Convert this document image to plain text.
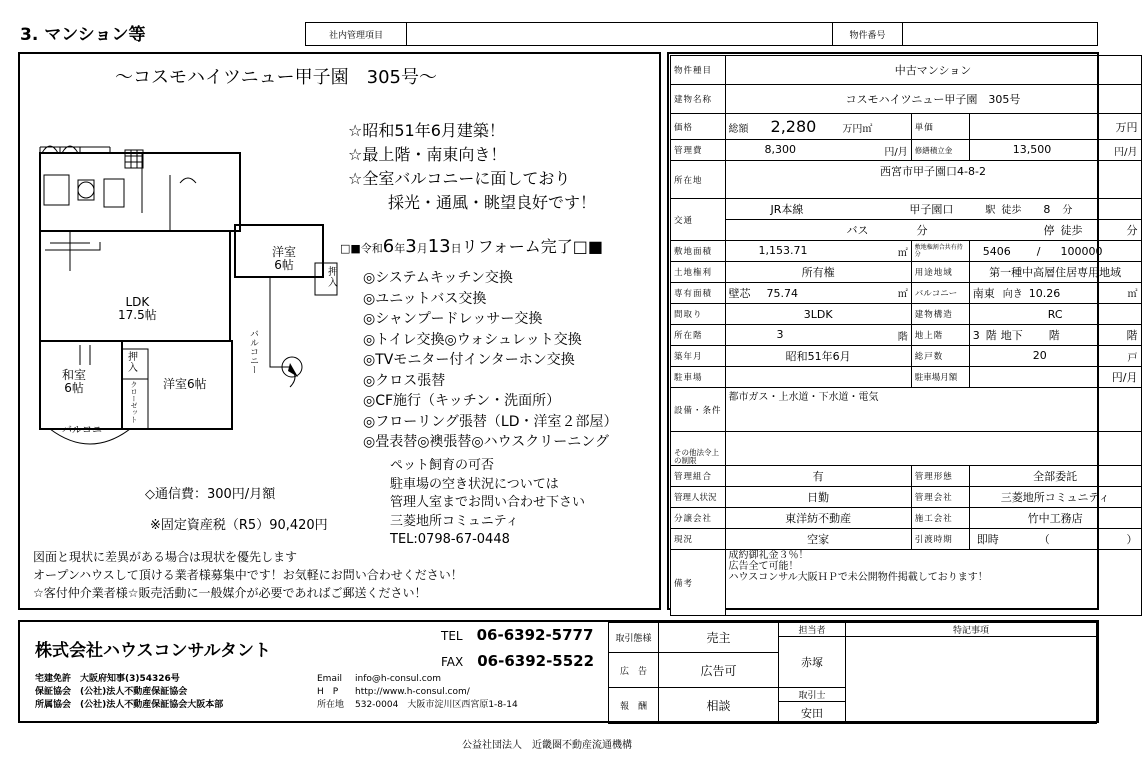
3. マンション等	社内管理項目		物件番号	
～コスモハイツニュー甲子園　305号～
洋室
6帖
押入
LDK
17.5帖
バルコニー
和室
6帖
押入
クローゼット 洋室6帖
バルコニー
☆昭和51年6月建築！
☆最上階・南東向き！
☆全室バルコニーに面しており
採光・通風・眺望良好です！
□■令和6年3月13日リフォーム完了□■
◎システムキッチン交換
◎ユニットバス交換
◎シャンプードレッサー交換
◎トイレ交換◎ウォシュレット交換
◎TVモニター付インターホン交換
◎クロス張替
◎CF施行（キッチン・洗面所）
◎フローリング張替（LD・洋室２部屋）
◎畳表替◎襖張替◎ハウスクリーニング
ペット飼育の可否
駐車場の空き状況については
管理人室までお問い合わせ下さい
三菱地所コミュニティ
TEL:0798-67-0448
◇通信費：300円/月額
※固定資産税（R5）90,420円
図面と現状に差異がある場合は現状を優先します
オープンハウスして頂ける業者様募集中です！お気軽にお問い合わせください！
☆客付仲介業者様☆販売活動に一般媒介が必要であればご郵送ください！
物件種目	中古マンション		
建物名称	コスモハイツニュー甲子園　305号		
価格	総額 2,280 万円㎡	単価	万円
管理費	8,300 円/月	修繕積立金	13,500 円/月

所在地	西宮市甲子園口4-8-2		
交通	JR本線 甲子園口 駅 徒歩 8 分		
	バス 分 停 徒歩 分		
敷地面積	1,153.71 ㎡	敷地権割合共有持分	5406 / 100000
土地権利	所有権	用途地域	第一種中高層住居専用地域
専有面積	壁芯 75.74 ㎡	バルコニー	南東 向き 10.26 ㎡

間取り	3LDK	建物構造	RC
所在階	3 階	地上階	3 階 地下 階 階

築年月	昭和51年6月	総戸数	20 戸

駐車場		駐車場月額	円/月
設備・条件	都市ガス・上水道・下水道・電気		
その他法令上の制限			
管理組合	有	管理形態	全部委託
管理人状況	日勤	管理会社	三菱地所コミュニティ
分譲会社	東洋紡不動産	施工会社	竹中工務店
現況	空家	引渡時期	即時 （ ）

備考	成約御礼金３％！
広告全て可能！
ハウスコンサル大阪ＨＰで未公開物件掲載しております！		
株式会社ハウスコンサルタント
TEL 06-6392-5777
FAX 06-6392-5522
宅建免許　大阪府知事(3)54326号
保証協会　(公社)法人不動産保証協会
所属協会　(公社)法人不動産保証協会大阪本部
Email info@h-consul.com
H　P http://www.h-consul.com/
所在地 532-0004　大阪市淀川区西宮原1-8-14
取引態様	売主	担当者	特記事項
		赤塚	
広　告	広告可		

報　酬	相談	取引士	
		安田	
公益社団法人　近畿圏不動産流通機構
